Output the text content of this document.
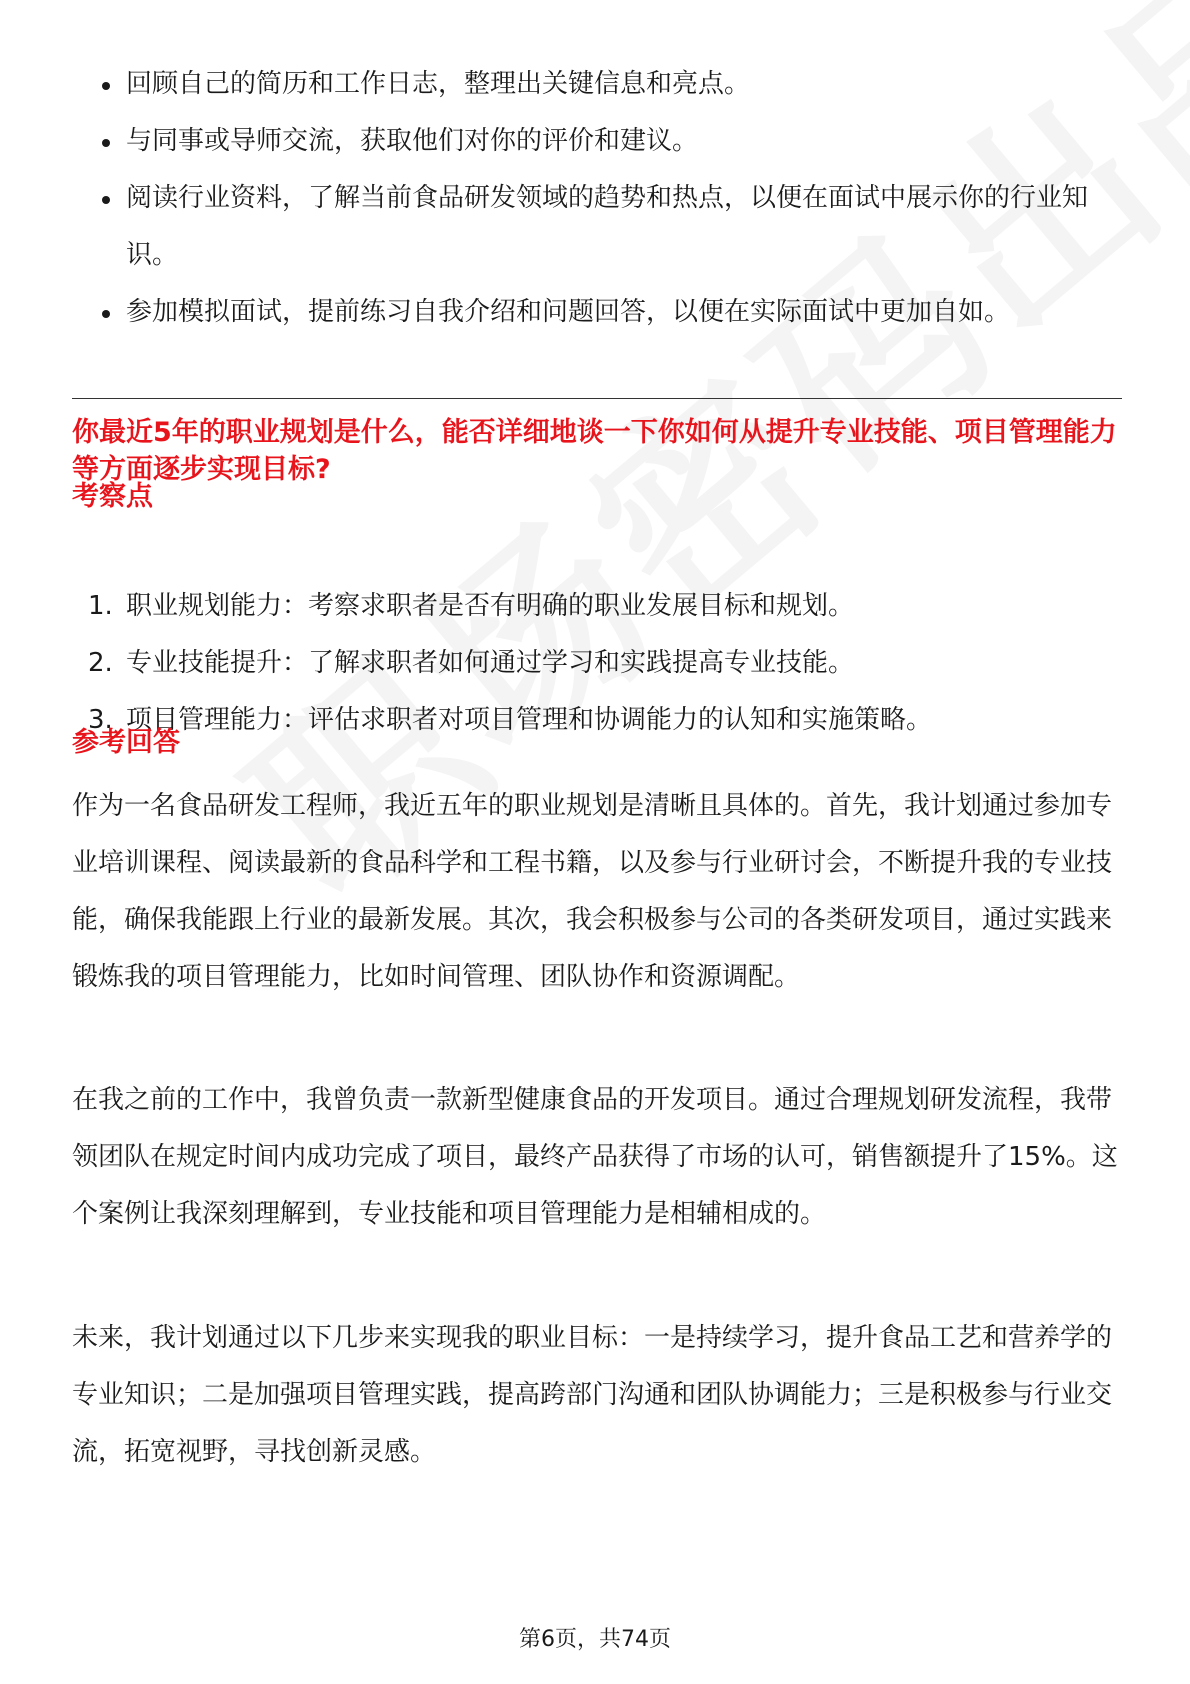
回顾自己的简历和工作日志，整理出关键信息和亮点。
与同事或导师交流，获取他们对你的评价和建议。
阅读行业资料，了解当前食品研发领域的趋势和热点，以便在面试中展示你的行业知识。
参加模拟面试，提前练习自我介绍和问题回答，以便在实际面试中更加自如。
你最近5年的职业规划是什么，能否详细地谈一下你如何从提升专业技能、项目管理能力等方面逐步实现目标?
考察点
1. 职业规划能力：考察求职者是否有明确的职业发展目标和规划。
2. 专业技能提升：了解求职者如何通过学习和实践提高专业技能。
3. 项目管理能力：评估求职者对项目管理和协调能力的认知和实施策略。
参考回答

作为一名食品研发工程师，我近五年的职业规划是清晰且具体的。首先，我计划通过参加专业培训课程、阅读最新的食品科学和工程书籍，以及参与行业研讨会，不断提升我的专业技能，确保我能跟上行业的最新发展。其次，我会积极参与公司的各类研发项目，通过实践来锻炼我的项目管理能力，比如时间管理、团队协作和资源调配。

在我之前的工作中，我曾负责一款新型健康食品的开发项目。通过合理规划研发流程，我带领团队在规定时间内成功完成了项目，最终产品获得了市场的认可，销售额提升了15%。这个案例让我深刻理解到，专业技能和项目管理能力是相辅相成的。

未来，我计划通过以下几步来实现我的职业目标：一是持续学习，提升食品工艺和营养学的专业知识；二是加强项目管理实践，提高跨部门沟通和团队协调能力；三是积极参与行业交流，拓宽视野，寻找创新灵感。

第6页，共74页
